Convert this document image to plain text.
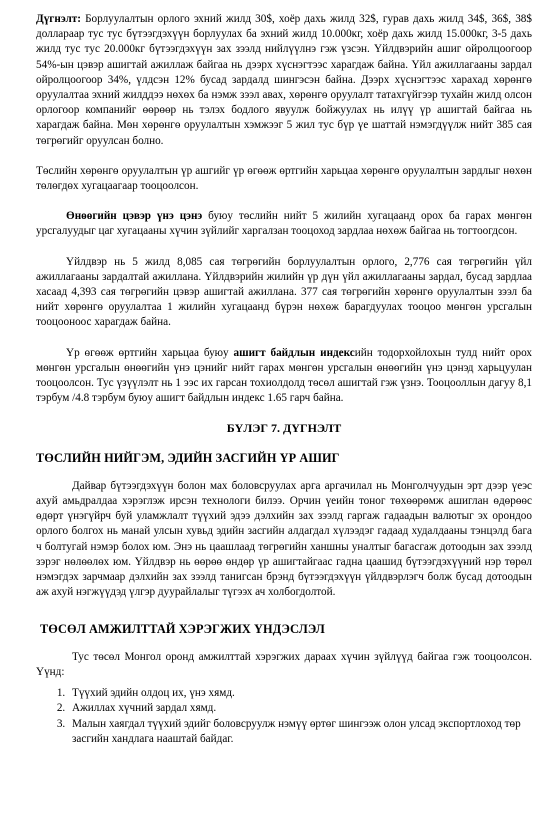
Дүгнэлт: Борлуулалтын орлого эхний жилд 30$, хоёр дахь жилд 32$, гурав дахь жилд 34$, 36$, 38$ доллараар тус тус бүтээгдэхүүн борлуулах ба эхний жилд 10.000кг, хоёр дахь жилд 15.000кг, 3-5 дахь жилд тус тус 20.000кг бүтээгдэхүүн зах зээлд нийлүүлнэ гэж үзсэн. Үйлдвэрийн ашиг ойролцоогоор 54%-ын цэвэр ашигтай ажиллаж байгаа нь дээрх хүснэгтээс харагдаж байна. Үйл ажиллагааны зардал ойролцоогоор 34%, үлдсэн 12% бусад зардалд шингэсэн байна. Дээрх хүснэгтээс харахад хөрөнгө оруулалтаа эхний жилддээ нөхөх ба нэмж зээл авах, хөрөнгө оруулалт татахгүйгээр тухайн жилд олсон орлогоор компанийг өөрөөр нь тэлэх бодлого явуулж бойжуулах нь илүү үр ашигтай байгаа нь харагдаж байна. Мөн хөрөнгө оруулалтын хэмжээг 5 жил тус бүр үе шаттай нэмэгдүүлж нийт 385 сая төгрөгийг оруулсан болно.

Төслийн хөрөнгө оруулалтын үр ашгийг үр өгөөж өртгийн харьцаа хөрөнгө оруулалтын зардлыг нөхөн төлөгдөх хугацаагаар тооцоолсон.

Өнөөгийн цэвэр үнэ цэнэ буюу төслийн нийт 5 жилийн хугацаанд орох ба гарах мөнгөн урсгалуудыг цаг хугацааны хүчин зүйлийг харгалзан тооцоход зардлаа нөхөж байгаа нь тогтоогдсон.

Үйлдвэр нь 5 жилд 8,085 сая төгрөгийн борлуулалтын орлого, 2,776 сая төгрөгийн үйл ажиллагааны зардалтай ажиллана. Үйлдвэрийн жилийн үр дүн үйл ажиллагааны зардал, бусад зардлаа хасаад 4,393 сая төгрөгийн цэвэр ашигтай ажиллана. 377 сая төгрөгийн хөрөнгө оруулалтын зээл ба нийт хөрөнгө оруулалтаа 1 жилийн хугацаанд бүрэн нөхөж барагдуулах тооцоо мөнгөн урсгалын тооцооноос харагдаж байна.

Үр өгөөж өртгийн харьцаа буюу ашигт байдлын индексийн тодорхойлохын тулд нийт орох мөнгөн урсгалын өнөөгийн үнэ цэнийг нийт гарах мөнгөн урсгалын өнөөгийн үнэ цэнэд харьцуулан тооцоолсон. Тус үзүүлэлт нь 1 ээс их гарсан тохиолдолд төсөл ашигтай гэж үзнэ. Тооцооллын дагуу 8,1 тэрбум /4.8 тэрбум буюу ашигт байдлын индекс 1.65 гарч байна.

БҮЛЭГ 7. ДҮГНЭЛТ
ТӨСЛИЙН НИЙГЭМ, ЭДИЙН ЗАСГИЙН ҮР АШИГ

Дайвар бүтээгдэхүүн болон мах боловсруулах арга аргачилал нь Монголчуудын эрт дээр үеэс ахуй амьдралдаа хэрэглэж ирсэн технологи билээ. Орчин үеийн тоног төхөөрөмж ашиглан өдөрөөс өдөрт үнэгүйрч буй уламжлалт түүхий эдээ дэлхийн зах зээлд гаргаж гадаадын валютыг эх орондоо орлого болгох нь манай улсын хувьд эдийн засгийн алдагдал хүлээдэг гадаад худалдааны тэнцэлд бага ч болтугай нэмэр болох юм. Энэ нь цаашлаад төгрөгийн ханшны уналтыг багасгаж дотоодын зах зээлд зэрэг нөлөөлөх юм. Үйлдвэр нь өөрөө өндөр үр ашигтайгаас гадна цаашид бүтээгдэхүүний нэр төрөл нэмэгдэх зарчмаар дэлхийн зах зээлд танигсан брэнд бүтээгдэхүүн үйлдвэрлэгч болж бусад дотоодын аж ахуй нэгжүүдэд үлгэр дуурайлалыг түгээх ач холбогдолтой.

ТӨСӨЛ АМЖИЛТТАЙ ХЭРЭГЖИХ ҮНДЭСЛЭЛ

Тус төсөл Монгол оронд амжилттай хэрэгжих дараах хүчин зүйлүүд байгаа гэж тооцоолсон. Үүнд:

1. Түүхий эдийн олдоц их, үнэ хямд.
2. Ажиллах хүчний зардал хямд.
3. Малын хаягдал түүхий эдийг боловсруулж нэмүү өртөг шингээж олон улсад экспортлоход төр засгийн хандлага нааштай байдаг.
